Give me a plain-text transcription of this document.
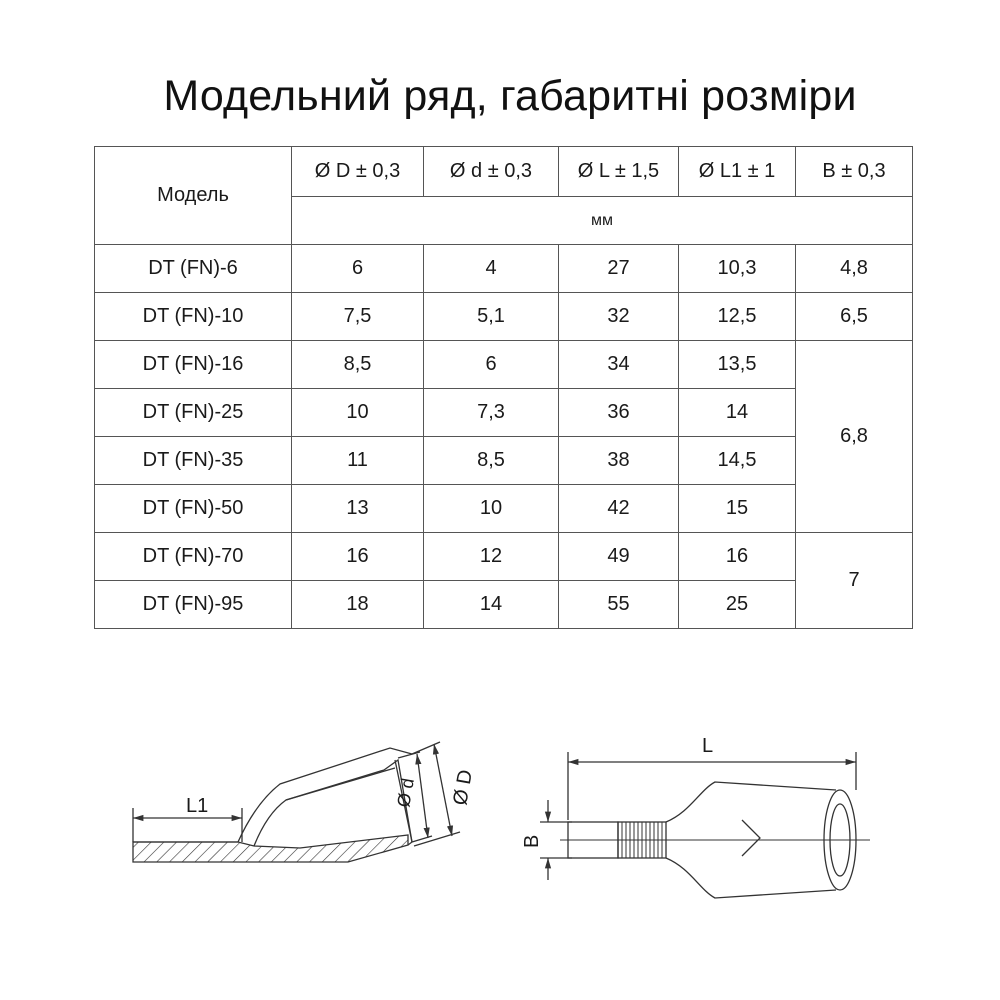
Модельний ряд, габаритні розміри
Модель	Ø D ± 0,3	Ø d ± 0,3	Ø L ± 1,5	Ø L1 ± 1	B ± 0,3
	мм				
DT (FN)-6	6	4	27	10,3	4,8
DT (FN)-10	7,5	5,1	32	12,5	6,5
DT (FN)-16	8,5	6	34	13,5	6,8
DT (FN)-25	10	7,3	36	14	
DT (FN)-35	11	8,5	38	14,5	
DT (FN)-50	13	10	42	15	
DT (FN)-70	16	12	49	16	7
DT (FN)-95	18	14	55	25	
L1	Ø d Ø D
L
B
